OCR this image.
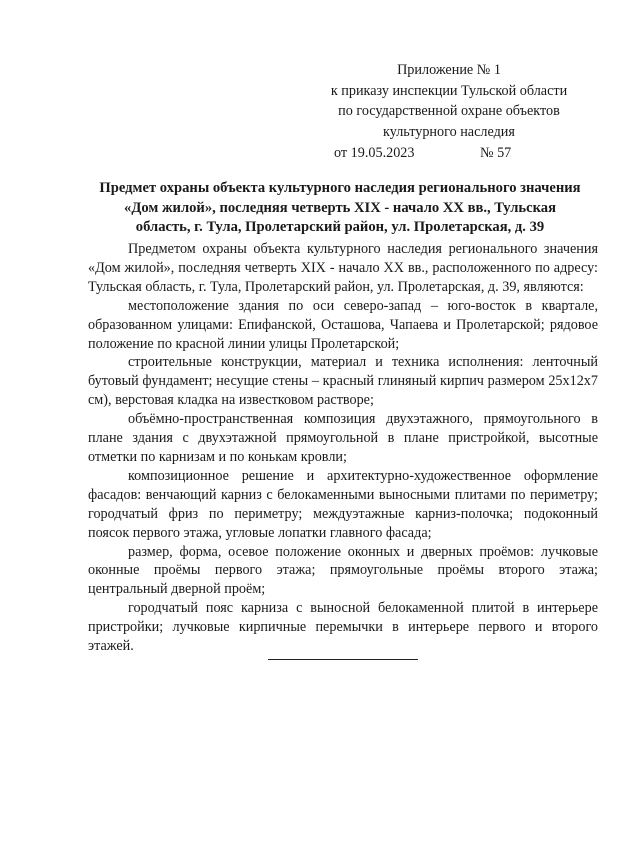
Приложение № 1
к приказу инспекции Тульской области
по государственной охране объектов
культурного наследия
от 19.05.2023	№ 57
Предмет охраны объекта культурного наследия регионального значения
«Дом жилой», последняя четверть XIX - начало XX вв., Тульская
область, г. Тула, Пролетарский район, ул. Пролетарская, д. 39

Предметом охраны объекта культурного наследия регионального значения «Дом жилой», последняя четверть XIX - начало XX вв., расположенного по адресу: Тульская область, г. Тула, Пролетарский район, ул. Пролетарская, д. 39, являются:

местоположение здания по оси северо-запад – юго-восток в квартале, образованном улицами: Епифанской, Осташова, Чапаева и Пролетарской; рядовое положение по красной линии улицы Пролетарской;

строительные конструкции, материал и техника исполнения: ленточный бутовый фундамент; несущие стены – красный глиняный кирпич размером 25х12х7 см), верстовая кладка на известковом растворе;

объёмно-пространственная композиция двухэтажного, прямоугольного в плане здания с двухэтажной прямоугольной в плане пристройкой, высотные отметки по карнизам и по конькам кровли;

композиционное решение и архитектурно-художественное оформление фасадов: венчающий карниз с белокаменными выносными плитами по периметру; городчатый фриз по периметру; междуэтажные карниз-полочка; подоконный поясок первого этажа, угловые лопатки главного фасада;

размер, форма, осевое положение оконных и дверных проёмов: лучковые оконные проёмы первого этажа; прямоугольные проёмы второго этажа; центральный дверной проём;

городчатый пояс карниза с выносной белокаменной плитой в интерьере пристройки; лучковые кирпичные перемычки в интерьере первого и второго этажей.
